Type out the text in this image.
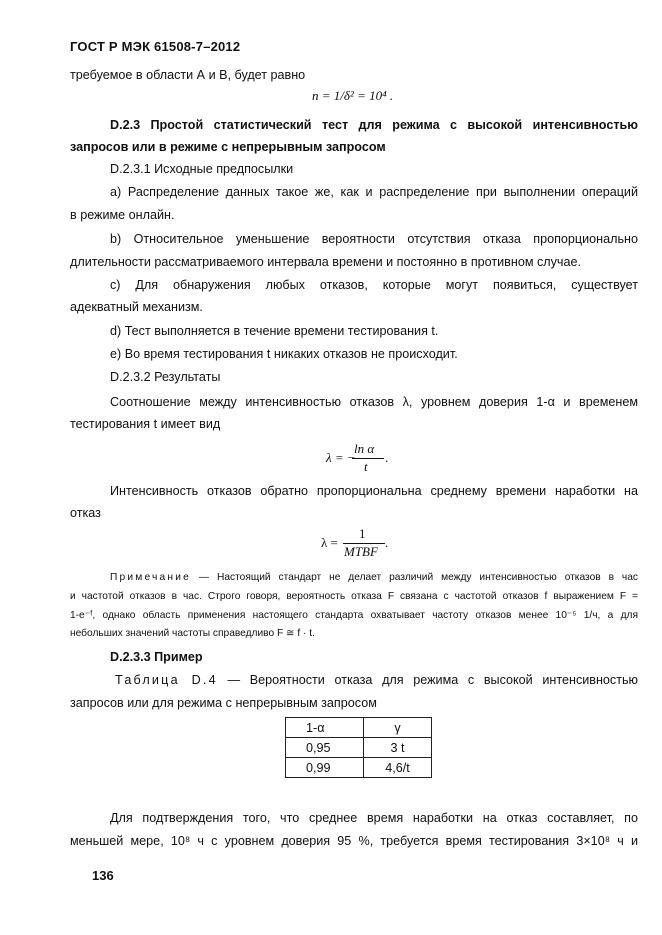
ГОСТ Р МЭК 61508-7–2012
требуемое в области А и В, будет равно
n = 1/δ² = 10⁴ .
D.2.3 Простой статистический тест для режима с высокой интенсивностью
запросов или в режиме с непрерывным запросом
D.2.3.1 Исходные предпосылки
а) Распределение данных такое же, как и распределение при выполнении операций
в режиме онлайн.
b) Относительное уменьшение вероятности отсутствия отказа пропорционально
длительности рассматриваемого интервала времени и постоянно в противном случае.
с) Для обнаружения любых отказов, которые могут появиться, существует
адекватный механизм.
d) Тест выполняется в течение времени тестирования t.
е) Во время тестирования t никаких отказов не происходит.
D.2.3.2 Результаты
Соотношение между интенсивностью отказов λ, уровнем доверия 1-α и временем
тестирования t имеет вид
ln α
λ = −
t
.
Интенсивность отказов обратно пропорциональна среднему времени наработки на
отказ
λ =
1
MTBF
.
Примечание — Настоящий стандарт не делает различий между интенсивностью отказов в час
и частотой отказов в час. Строго говоря, вероятность отказа F связана с частотой отказов f выражением F =
1-e⁻ᶠ, однако область применения настоящего стандарта охватывает частоту отказов менее 10⁻⁵ 1/ч, а для
небольших значений частоты справедливо F ≅ f · t.
D.2.3.3 Пример
Таблица D.4 — Вероятности отказа для режима с высокой интенсивностью
запросов или для режима с непрерывным запросом
1-α	γ
0,95	3 t
0,99	4,6/t
Для подтверждения того, что среднее время наработки на отказ составляет, по
меньшей мере, 10⁸ ч с уровнем доверия 95 %, требуется время тестирования 3×10⁸ ч и
136
